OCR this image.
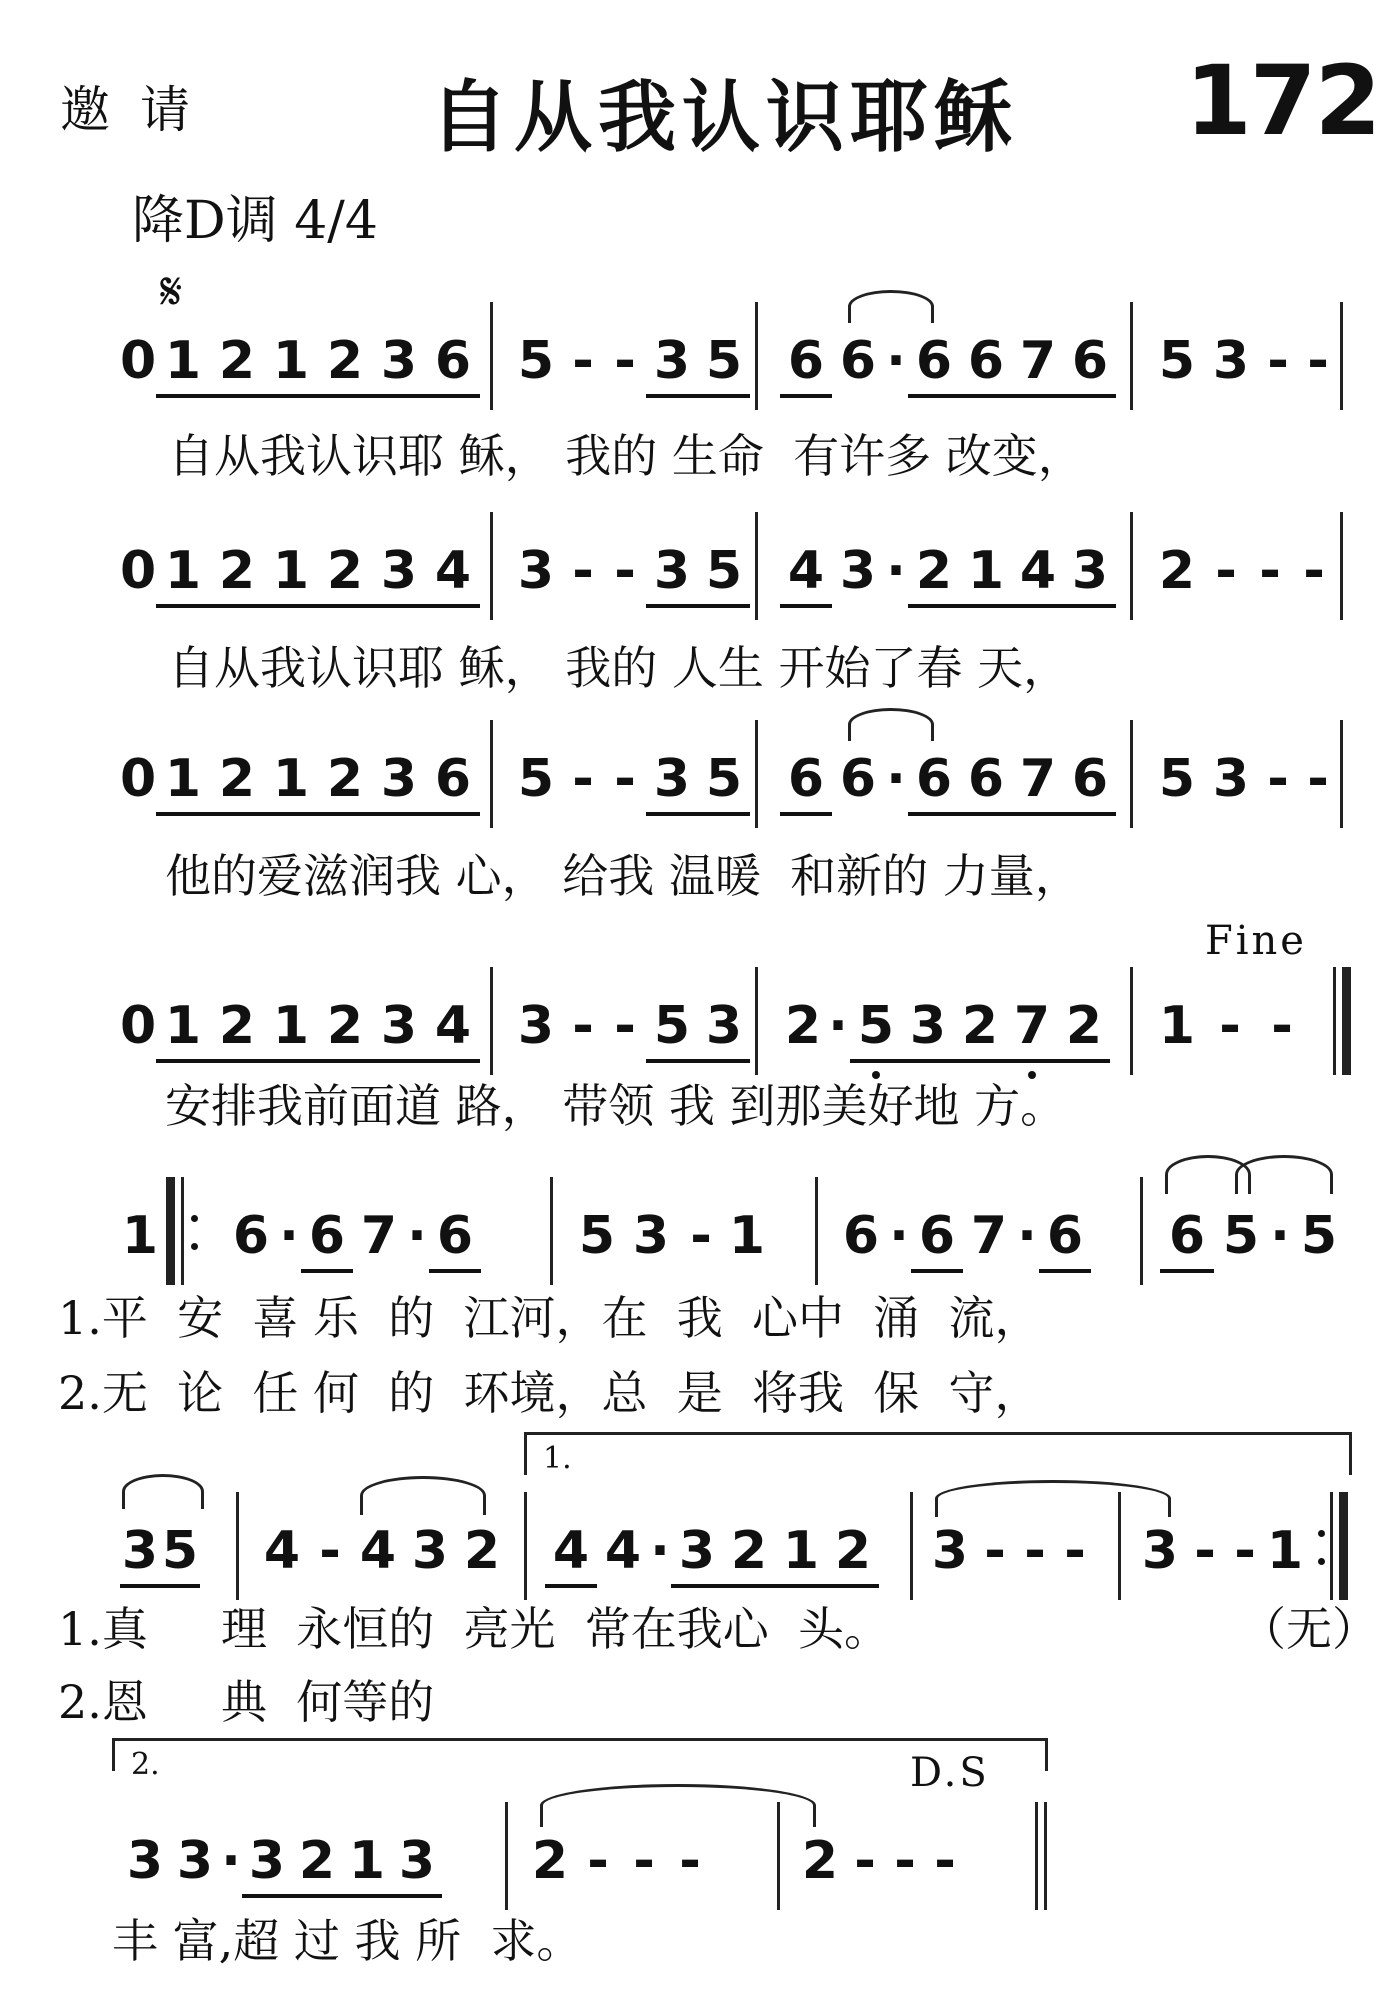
邀请	自从我认识耶稣 172
降D调 4/4
𝄋
0 1 2 1 2 3 6 5 - - 3 5 6 6 · 6 6 7 6 5 3 - -
自从我认识耶 稣， 我的 生命  有许多 改变，
0 1 2 1 2 3 4 3 - - 3 5 4 3 · 2 1 4 3 2 - - -
自从我认识耶 稣， 我的 人生 开始了春 天，
0 1 2 1 2 3 6 5 - - 3 5 6 6 · 6 6 7 6 5 3 - -
他的爱滋润我 心， 给我 温暖  和新的 力量，
Fine
0 1 2 1 2 3 4 3 - - 5 3 2 · 5 3 2 7 2 1 - -
安排我前面道 路， 带领 我 到那美好地 方。
1 6 · 6 7 · 6 5 3 - 1 6 · 6 7 · 6 6 5 · 5
1.平  安  喜 乐  的  江河，在  我  心中  涌  流，
2.无  论  任 何  的  环境，总  是  将我  保  守，
1.
3 5 4 - 4 3 2 4 4 · 3 2 1 2 3 - - - 3 - - 1
1.真     理  永恒的  亮光  常在我心  头。	（无）
2.恩     典  何等的
2.	D.S
3 3 · 3 2 1 3 2 - - - 2 - - -
丰 富,超 过 我 所  求。
